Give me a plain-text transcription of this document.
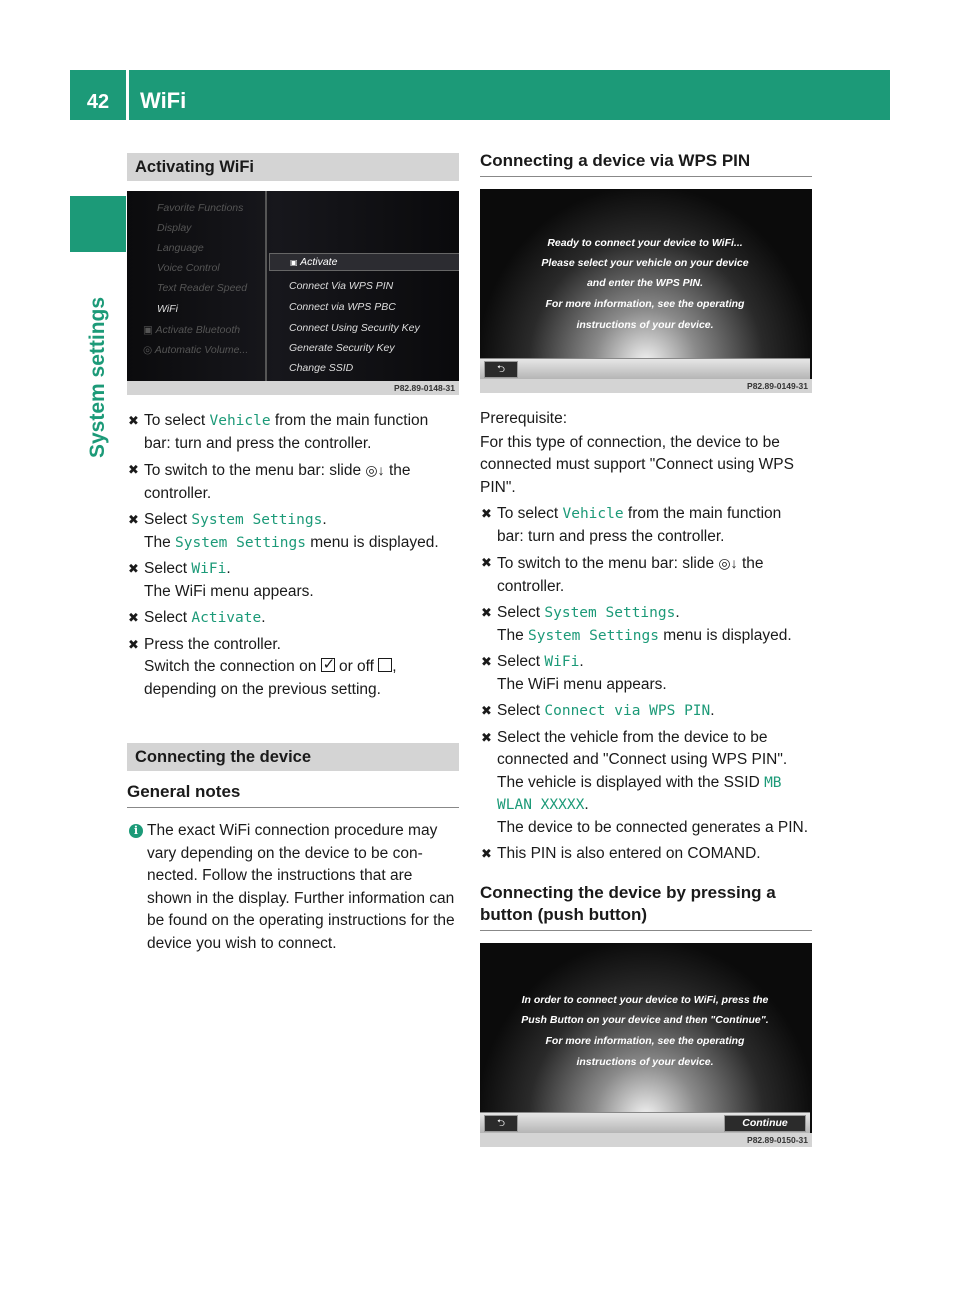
42	WiFi
System settings
Activating WiFi
Favorite Functions
Display
Language
Voice Control
Text Reader Speed
WiFi
▣ Activate Bluetooth
◎ Automatic Volume...
▣ Activate
Connect Via WPS PIN
Connect via WPS PBC
Connect Using Security Key
Generate Security Key
Change SSID
P82.89-0148-31
✖ To select Vehicle from the main function bar: turn and press the controller.
✖ To switch to the menu bar: slide ◎↓ the controller.
✖ Select System Settings.
The System Settings menu is displayed.
✖ Select WiFi.
The WiFi menu appears.
✖ Select Activate.
✖ Press the controller.
Switch the connection on ✓ or off ,
depending on the previous setting.
Connecting the device
General notes
i The exact WiFi connection procedure may vary depending on the device to be con-nected. Follow the instructions that are shown in the display. Further information can be found on the operating instructions for the device you wish to connect.
Connecting a device via WPS PIN
Ready to connect your device to WiFi...
Please select your vehicle on your device
and enter the WPS PIN.
For more information, see the operating
instructions of your device.
⮌
P82.89-0149-31

Prerequisite:

For this type of connection, the device to be connected must support "Connect using WPS PIN".

✖ To select Vehicle from the main function bar: turn and press the controller.
✖ To switch to the menu bar: slide ◎↓ the controller.
✖ Select System Settings.
The System Settings menu is displayed.
✖ Select WiFi.
The WiFi menu appears.
✖ Select Connect via WPS PIN.
✖ Select the vehicle from the device to be connected and "Connect using WPS PIN". The vehicle is displayed with the SSID MB WLAN XXXXX.
The device to be connected generates a PIN.
✖ This PIN is also entered on COMAND.
Connecting the device by pressing a button (push button)
In order to connect your device to WiFi, press the
Push Button on your device and then "Continue".
For more information, see the operating
instructions of your device.
⮌	Continue
P82.89-0150-31
